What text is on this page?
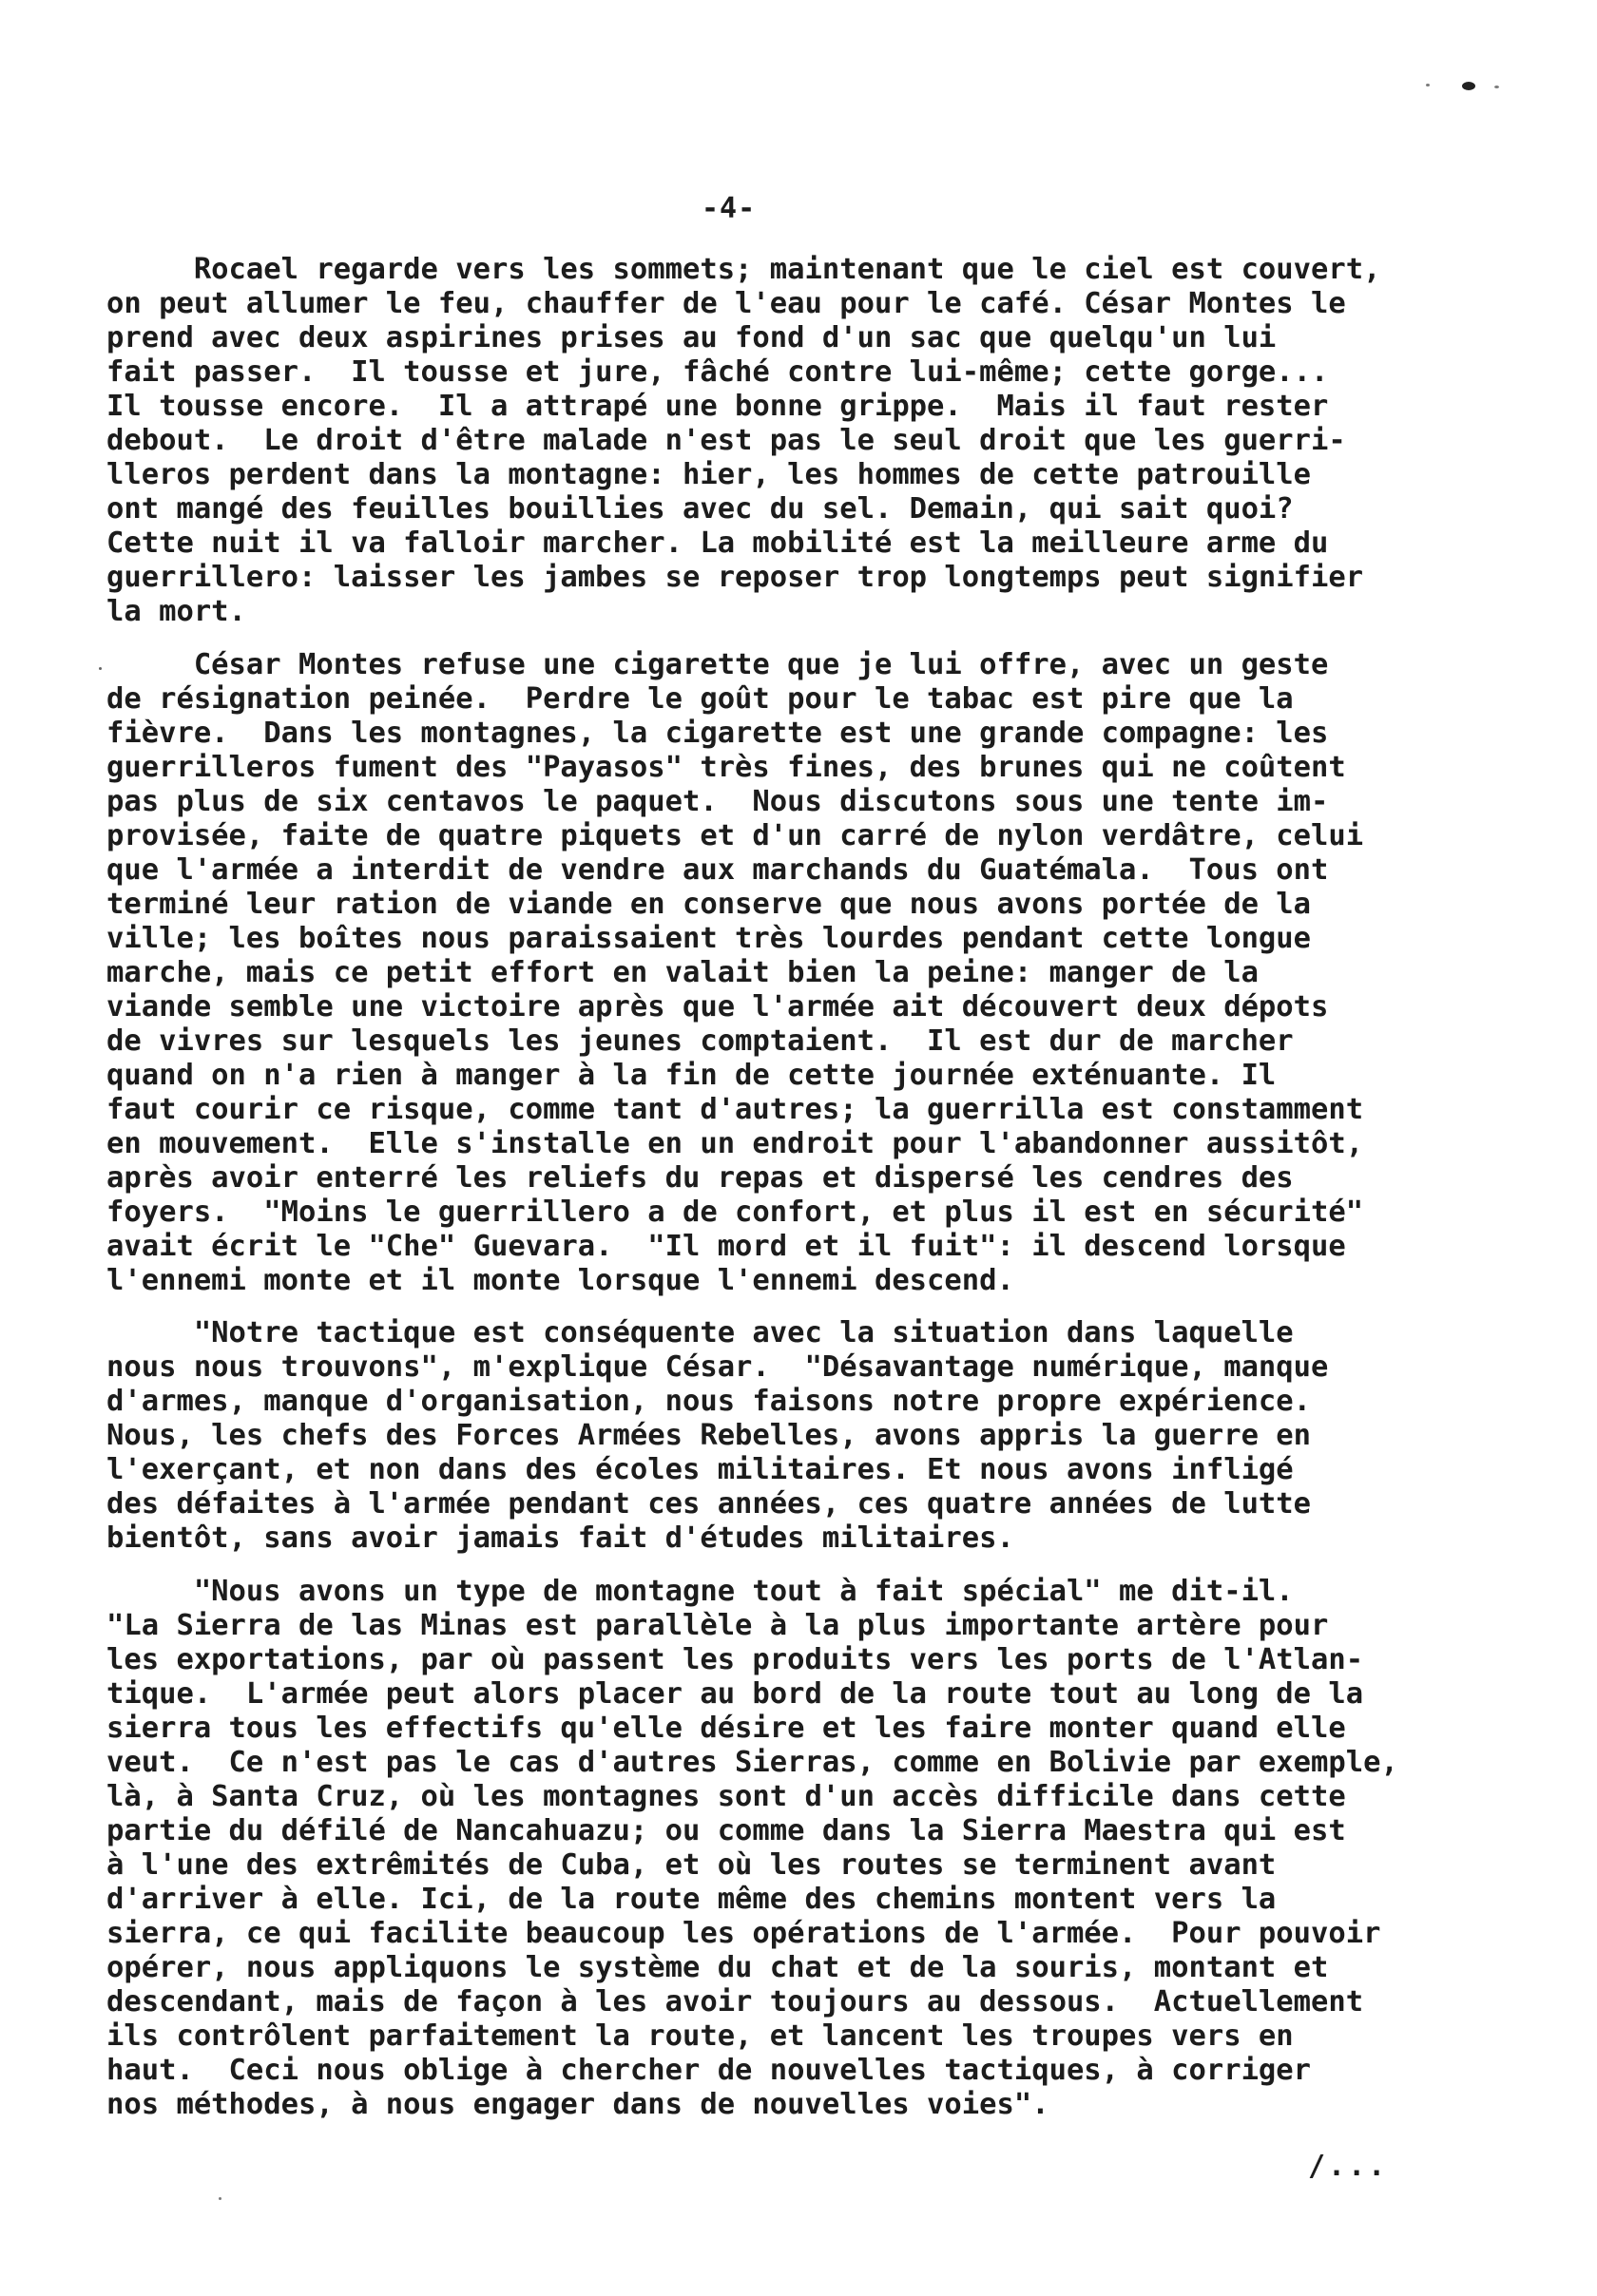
-4-
Rocael regarde vers les sommets; maintenant que le ciel est couvert,
on peut allumer le feu, chauffer de l'eau pour le café. César Montes le
prend avec deux aspirines prises au fond d'un sac que quelqu'un lui
fait passer.  Il tousse et jure, fâché contre lui-même; cette gorge...
Il tousse encore.  Il a attrapé une bonne grippe.  Mais il faut rester
debout.  Le droit d'être malade n'est pas le seul droit que les guerri-
lleros perdent dans la montagne: hier, les hommes de cette patrouille
ont mangé des feuilles bouillies avec du sel. Demain, qui sait quoi?
Cette nuit il va falloir marcher. La mobilité est la meilleure arme du
guerrillero: laisser les jambes se reposer trop longtemps peut signifier
la mort.
César Montes refuse une cigarette que je lui offre, avec un geste
de résignation peinée.  Perdre le goût pour le tabac est pire que la
fièvre.  Dans les montagnes, la cigarette est une grande compagne: les
guerrilleros fument des "Payasos" très fines, des brunes qui ne coûtent
pas plus de six centavos le paquet.  Nous discutons sous une tente im-
provisée, faite de quatre piquets et d'un carré de nylon verdâtre, celui
que l'armée a interdit de vendre aux marchands du Guatémala.  Tous ont
terminé leur ration de viande en conserve que nous avons portée de la
ville; les boîtes nous paraissaient très lourdes pendant cette longue
marche, mais ce petit effort en valait bien la peine: manger de la
viande semble une victoire après que l'armée ait découvert deux dépots
de vivres sur lesquels les jeunes comptaient.  Il est dur de marcher
quand on n'a rien à manger à la fin de cette journée exténuante. Il
faut courir ce risque, comme tant d'autres; la guerrilla est constamment
en mouvement.  Elle s'installe en un endroit pour l'abandonner aussitôt,
après avoir enterré les reliefs du repas et dispersé les cendres des
foyers.  "Moins le guerrillero a de confort, et plus il est en sécurité"
avait écrit le "Che" Guevara.  "Il mord et il fuit": il descend lorsque
l'ennemi monte et il monte lorsque l'ennemi descend.
"Notre tactique est conséquente avec la situation dans laquelle
nous nous trouvons", m'explique César.  "Désavantage numérique, manque
d'armes, manque d'organisation, nous faisons notre propre expérience.
Nous, les chefs des Forces Armées Rebelles, avons appris la guerre en
l'exerçant, et non dans des écoles militaires. Et nous avons infligé
des défaites à l'armée pendant ces années, ces quatre années de lutte
bientôt, sans avoir jamais fait d'études militaires.
"Nous avons un type de montagne tout à fait spécial" me dit-il.
"La Sierra de las Minas est parallèle à la plus importante artère pour
les exportations, par où passent les produits vers les ports de l'Atlan-
tique.  L'armée peut alors placer au bord de la route tout au long de la
sierra tous les effectifs qu'elle désire et les faire monter quand elle
veut.  Ce n'est pas le cas d'autres Sierras, comme en Bolivie par exemple,
là, à Santa Cruz, où les montagnes sont d'un accès difficile dans cette
partie du défilé de Nancahuazu; ou comme dans la Sierra Maestra qui est
à l'une des extrêmités de Cuba, et où les routes se terminent avant
d'arriver à elle. Ici, de la route même des chemins montent vers la
sierra, ce qui facilite beaucoup les opérations de l'armée.  Pour pouvoir
opérer, nous appliquons le système du chat et de la souris, montant et
descendant, mais de façon à les avoir toujours au dessous.  Actuellement
ils contrôlent parfaitement la route, et lancent les troupes vers en
haut.  Ceci nous oblige à chercher de nouvelles tactiques, à corriger
nos méthodes, à nous engager dans de nouvelles voies".
/...
